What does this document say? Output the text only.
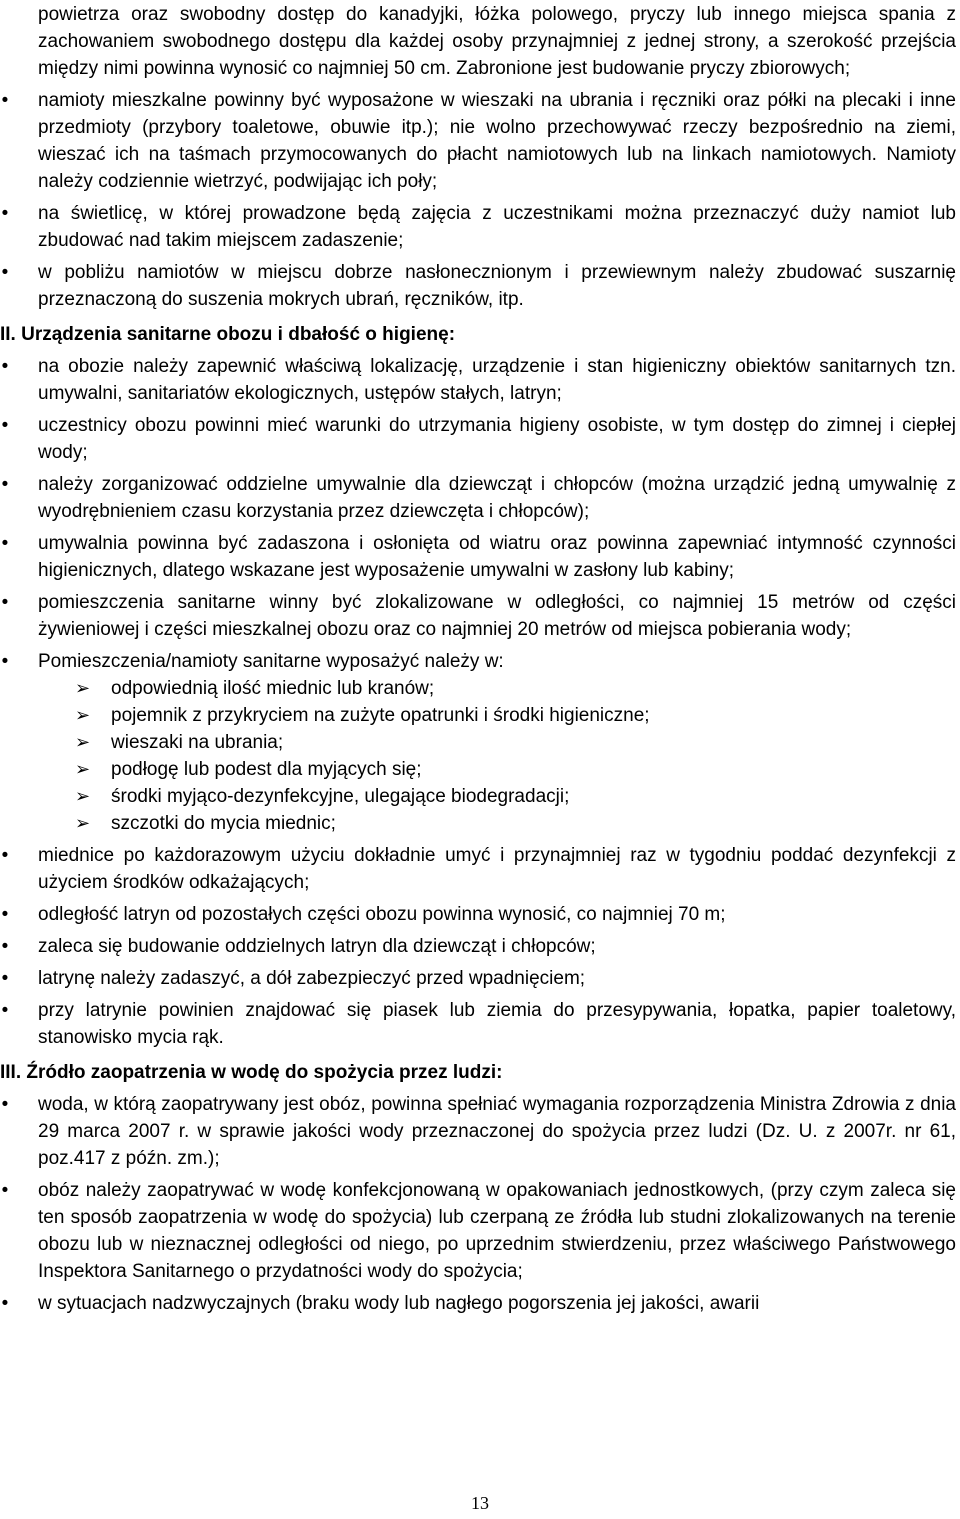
powietrza oraz swobodny dostęp do kanadyjki, łóżka polowego, pryczy lub innego miejsca spania z zachowaniem swobodnego dostępu dla każdej osoby przynajmniej z jednej strony, a szerokość przejścia między nimi powinna wynosić co najmniej 50 cm. Zabronione jest budowanie pryczy zbiorowych;

• namioty mieszkalne powinny być wyposażone w wieszaki na ubrania i ręczniki oraz półki na plecaki i inne przedmioty (przybory toaletowe, obuwie itp.); nie wolno przechowywać rzeczy bezpośrednio na ziemi, wieszać ich na taśmach przymocowanych do płacht namiotowych lub na linkach namiotowych. Namioty należy codziennie wietrzyć, podwijając ich poły;
• na świetlicę, w której prowadzone będą zajęcia z uczestnikami można przeznaczyć duży namiot lub zbudować nad takim miejscem zadaszenie;
• w pobliżu namiotów w miejscu dobrze nasłonecznionym i przewiewnym należy zbudować suszarnię przeznaczoną do suszenia mokrych ubrań, ręczników, itp.
II. Urządzenia sanitarne obozu i dbałość o higienę:
• na obozie należy zapewnić właściwą lokalizację, urządzenie i stan higieniczny obiektów sanitarnych tzn. umywalni, sanitariatów ekologicznych, ustępów stałych, latryn;
• uczestnicy obozu powinni mieć warunki do utrzymania higieny osobiste, w tym dostęp do zimnej i ciepłej wody;
• należy zorganizować oddzielne umywalnie dla dziewcząt i chłopców (można urządzić jedną umywalnię z wyodrębnieniem czasu korzystania przez dziewczęta i chłopców);
• umywalnia powinna być zadaszona i osłonięta od wiatru oraz powinna zapewniać intymność czynności higienicznych, dlatego wskazane jest wyposażenie umywalni w zasłony lub kabiny;
• pomieszczenia sanitarne winny być zlokalizowane w odległości, co najmniej 15 metrów od części żywieniowej i części mieszkalnej obozu oraz co najmniej 20 metrów od miejsca pobierania wody;
• Pomieszczenia/namioty sanitarne wyposażyć należy w:
➢ odpowiednią ilość miednic lub kranów;
➢ pojemnik z przykryciem na zużyte opatrunki i środki higieniczne;
➢ wieszaki na ubrania;
➢ podłogę lub podest dla myjących się;
➢ środki myjąco-dezynfekcyjne, ulegające biodegradacji;
➢ szczotki do mycia miednic;
• miednice po każdorazowym użyciu dokładnie umyć i przynajmniej raz w tygodniu poddać dezynfekcji z użyciem środków odkażających;
• odległość latryn od pozostałych części obozu powinna wynosić, co najmniej 70 m;
• zaleca się budowanie oddzielnych latryn dla dziewcząt i chłopców;
• latrynę należy zadaszyć, a dół zabezpieczyć przed wpadnięciem;
• przy latrynie powinien znajdować się piasek lub ziemia do przesypywania, łopatka, papier toaletowy, stanowisko mycia rąk.
III. Źródło zaopatrzenia w wodę do spożycia przez ludzi:
• woda, w którą zaopatrywany jest obóz, powinna spełniać wymagania rozporządzenia Ministra Zdrowia z dnia 29 marca 2007 r. w sprawie jakości wody przeznaczonej do spożycia przez ludzi (Dz. U. z 2007r. nr 61, poz.417 z późn. zm.);
• obóz należy zaopatrywać w wodę konfekcjonowaną w opakowaniach jednostkowych, (przy czym zaleca się ten sposób zaopatrzenia w wodę do spożycia) lub czerpaną ze źródła lub studni zlokalizowanych na terenie obozu lub w nieznacznej odległości od niego, po uprzednim stwierdzeniu, przez właściwego Państwowego Inspektora Sanitarnego o przydatności wody do spożycia;
• w sytuacjach nadzwyczajnych (braku wody lub nagłego pogorszenia jej jakości, awarii
13
